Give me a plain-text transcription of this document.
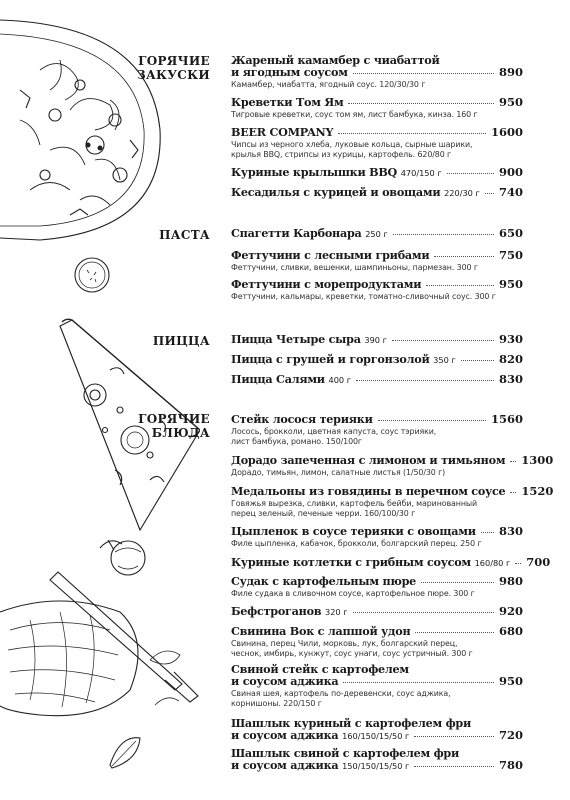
ГОРЯЧИЕ
ЗАКУСКИ
ПАСТА
ПИЦЦА
ГОРЯЧИЕ
БЛЮДА
Жареный камамбер с чиабаттой
и ягодным соусом	890
Камамбер, чиабатта, ягодный соус. 120/30/30 г
Креветки Том Ям	950
Тигровые креветки, соус том ям, лист бамбука, кинза. 160 г
BEER COMPANY	1600
Чипсы из черного хлеба, луковые кольца, сырные шарики,
крылья BBQ, стрипсы из курицы, картофель. 620/80 г
Куриные крылышки BBQ 470/150 г	900
Кесадилья с курицей и овощами 220/30 г 740
Спагетти Карбонара 250 г	650
Феттучини с лесными грибами	750
Феттучини, сливки, вешенки, шампиньоны, пармезан. 300 г
Феттучини с морепродуктами	950
Феттучини, кальмары, креветки, томатно-сливочный соус. 300 г
Пицца Четыре сыра 390 г	930
Пицца с грушей и горгонзолой 350 г	820
Пицца Салями 400 г	830
Стейк лосося терияки	1560
Лосось, брокколи, цветная капуста, соус тэрияки,
лист бамбука, романо. 150/100г
Дорадо запеченная с лимоном и тимьяном 1300
Дорадо, тимьян, лимон, салатные листья (1/50/30 г)
Медальоны из говядины в перечном соусе 1520
Говяжья вырезка, сливки, картофель бейби, маринованный
перец зеленый, печеные черри. 160/100/30 г
Цыпленок в соусе терияки с овощами 830
Филе цыпленка, кабачок, брокколи, болгарский перец. 250 г
Куриные котлетки с грибным соусом 160/80 г 700
Судак с картофельным пюре	980
Филе судака в сливочном соусе, картофельное пюре. 300 г
Бефстроганов 320 г	920
Свинина Вок с лапшой удон	680
Свинина, перец Чили, морковь, лук, болгарский перец,
чеснок, имбирь, кунжут, соус унаги, соус устричный. 300 г
Свиной стейк с картофелем
и соусом аджика	950
Свиная шея, картофель по-деревенски, соус аджика,
корнишоны. 220/150 г
Шашлык куриный с картофелем фри
и соусом аджика 160/150/15/50 г	720
Шашлык свиной с картофелем фри
и соусом аджика 150/150/15/50 г	780
